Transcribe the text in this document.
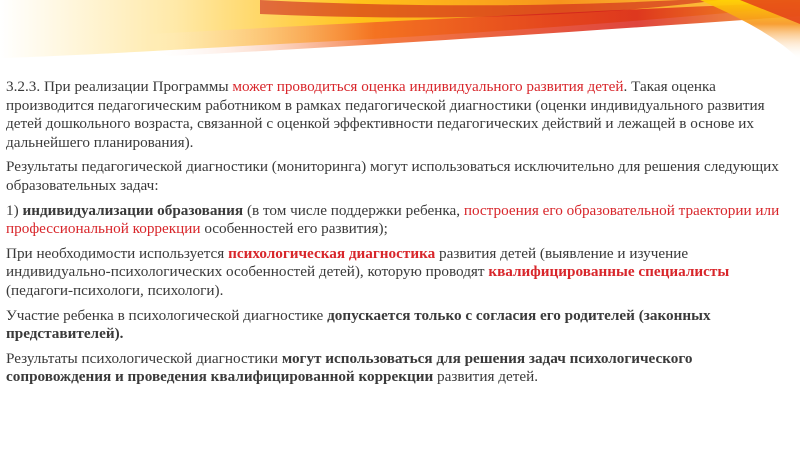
3.2.3. При реализации Программы может проводиться оценка индивидуального развития детей. Такая оценка производится педагогическим работником в рамках педагогической диагностики (оценки индивидуального развития детей дошкольного возраста, связанной с оценкой эффективности педагогических действий и лежащей в основе их дальнейшего планирования).

Результаты педагогической диагностики (мониторинга) могут использоваться исключительно для решения следующих образовательных задач:

1) индивидуализации образования (в том числе поддержки ребенка, построения его образовательной траектории или профессиональной коррекции особенностей его развития);

При необходимости используется психологическая диагностика развития детей (выявление и изучение индивидуально-психологических особенностей детей), которую проводят квалифицированные специалисты (педагоги-психологи, психологи).

Участие ребенка в психологической диагностике допускается только с согласия его родителей (законных представителей).

Результаты психологической диагностики могут использоваться для решения задач психологического сопровождения и проведения квалифицированной коррекции развития детей.
